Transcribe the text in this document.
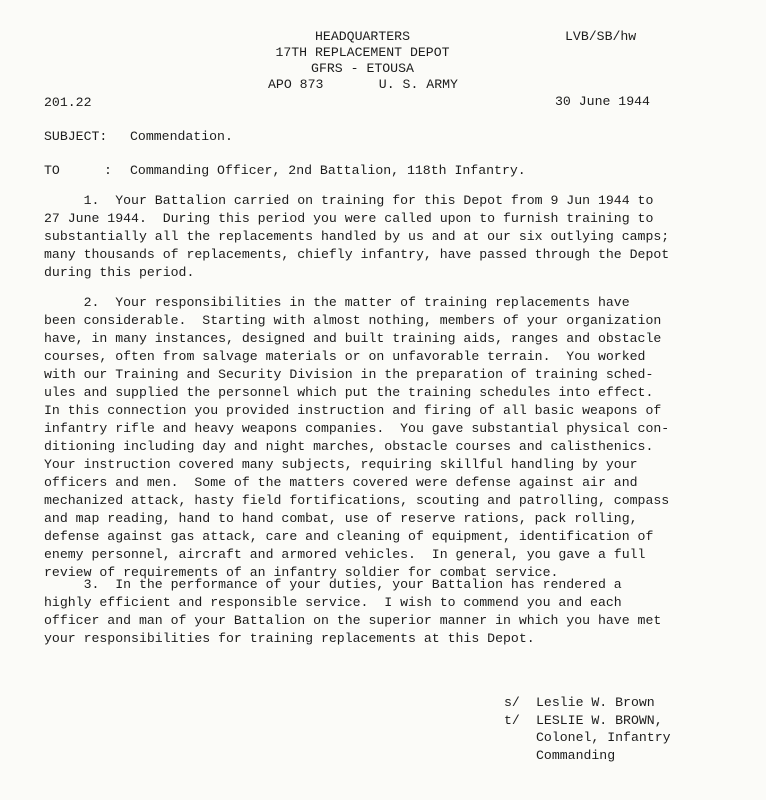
HEADQUARTERS
17TH REPLACEMENT DEPOT
GFRS - ETOUSA
APO 873       U. S. ARMY
LVB/SB/hw
201.22	30 June 1944
SUBJECT: Commendation.
TO	: Commanding Officer, 2nd Battalion, 118th Infantry.
1.  Your Battalion carried on training for this Depot from 9 Jun 1944 to
27 June 1944.  During this period you were called upon to furnish training to
substantially all the replacements handled by us and at our six outlying camps;
many thousands of replacements, chiefly infantry, have passed through the Depot
during this period.
2.  Your responsibilities in the matter of training replacements have
been considerable.  Starting with almost nothing, members of your organization
have, in many instances, designed and built training aids, ranges and obstacle
courses, often from salvage materials or on unfavorable terrain.  You worked
with our Training and Security Division in the preparation of training sched-
ules and supplied the personnel which put the training schedules into effect.
In this connection you provided instruction and firing of all basic weapons of
infantry rifle and heavy weapons companies.  You gave substantial physical con-
ditioning including day and night marches, obstacle courses and calisthenics.
Your instruction covered many subjects, requiring skillful handling by your
officers and men.  Some of the matters covered were defense against air and
mechanized attack, hasty field fortifications, scouting and patrolling, compass
and map reading, hand to hand combat, use of reserve rations, pack rolling,
defense against gas attack, care and cleaning of equipment, identification of
enemy personnel, aircraft and armored vehicles.  In general, you gave a full
review of requirements of an infantry soldier for combat service.
3.  In the performance of your duties, your Battalion has rendered a
highly efficient and responsible service.  I wish to commend you and each
officer and man of your Battalion on the superior manner in which you have met
your responsibilities for training replacements at this Depot.
s/	Leslie W. Brown
t/	LESLIE W. BROWN,
Colonel, Infantry
Commanding
